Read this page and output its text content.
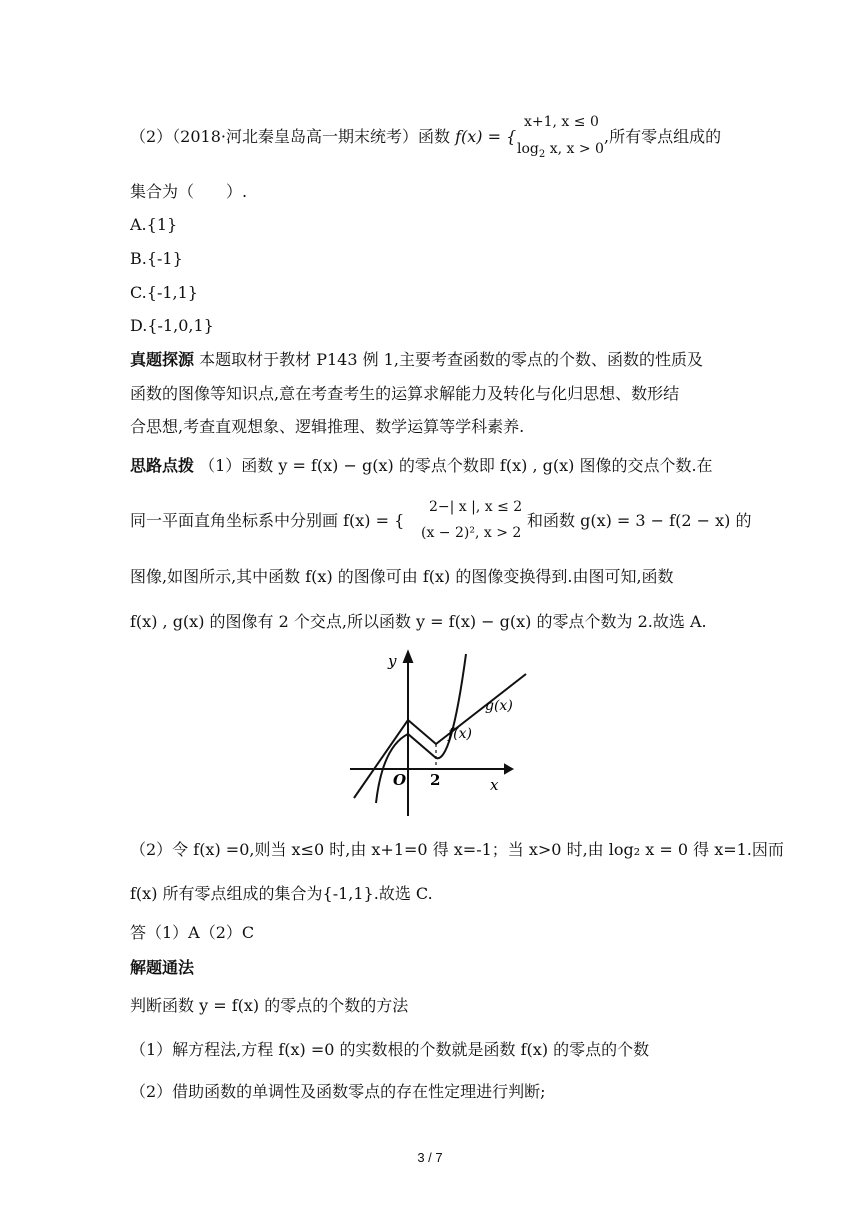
（2）（2018·河北秦皇岛高一期末统考）函数 f(x) = {
x+1, x ≤ 0
$\log_2 x$, x > 0
,所有零点组成的
集合为（　　）.
A.{1}
B.{-1}
C.{-1,1}
D.{-1,0,1}
真题探源 本题取材于教材 P143 例 1,主要考查函数的零点的个数、函数的性质及
函数的图像等知识点,意在考查考生的运算求解能力及转化与化归思想、数形结
合思想,考查直观想象、逻辑推理、数学运算等学科素养.
思路点拨 （1）函数 y = f(x) − g(x) 的零点个数即 f(x) , g(x) 图像的交点个数.在
同一平面直角坐标系中分别画 f(x) = {
2−| x |, x ≤ 2
(x − 2)², x > 2
和函数 g(x) = 3 − f(2 − x) 的
图像,如图所示,其中函数 f(x) 的图像可由 f(x) 的图像变换得到.由图可知,函数
f(x) , g(x) 的图像有 2 个交点,所以函数 y = f(x) − g(x) 的零点个数为 2.故选 A.
y
x
O 2
g(x)
f(x)
（2）令 f(x) =0,则当 x≤0 时,由 x+1=0 得 x=-1；当 x>0 时,由 log₂ x = 0 得 x=1.因而
f(x) 所有零点组成的集合为{-1,1}.故选 C.
答（1）A（2）C
解题通法
判断函数 y = f(x) 的零点的个数的方法
（1）解方程法,方程 f(x) =0 的实数根的个数就是函数 f(x) 的零点的个数
（2）借助函数的单调性及函数零点的存在性定理进行判断;
3 / 7
